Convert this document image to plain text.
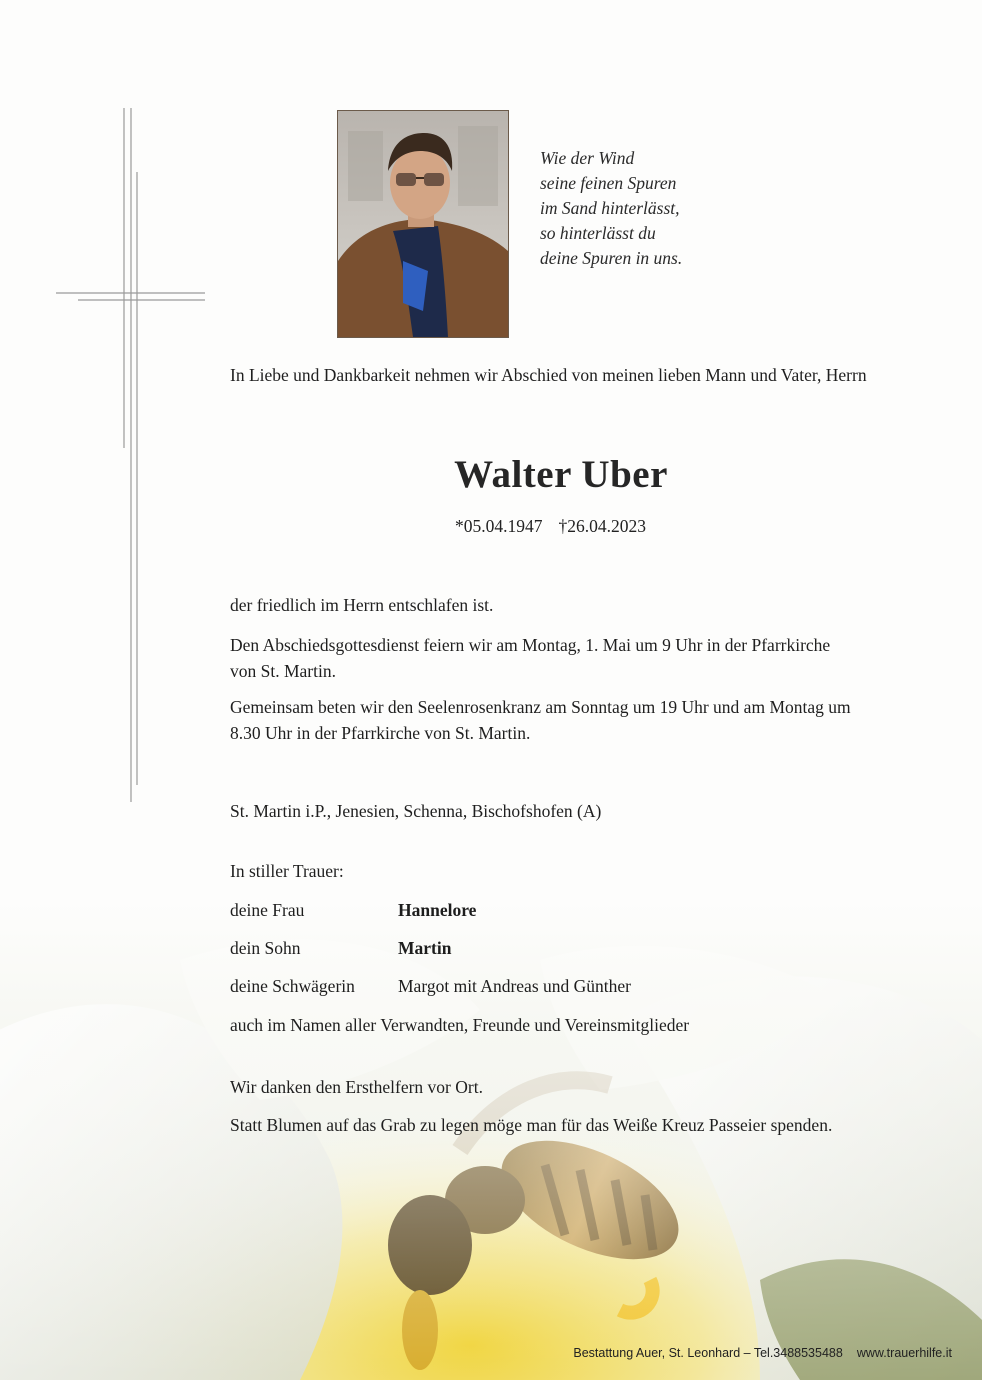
Wie der Wind
seine feinen Spuren
im Sand hinterlässt,
so hinterlässt du
deine Spuren in uns.
In Liebe und Dankbarkeit nehmen wir Abschied von meinen lieben Mann und Vater, Herrn
Walter Uber
*05.04.1947 †26.04.2023
der friedlich im Herrn entschlafen ist.
Den Abschiedsgottesdienst feiern wir am Montag, 1. Mai um 9 Uhr in der Pfarrkirche von St. Martin.
Gemeinsam beten wir den Seelenrosenkranz am Sonntag um 19 Uhr und am Montag um 8.30 Uhr in der Pfarrkirche von St. Martin.
St. Martin i.P., Jenesien, Schenna, Bischofshofen (A)
In stiller Trauer:
deine Frau	Hannelore
dein Sohn	Martin
deine Schwägerin Margot mit Andreas und Günther
auch im Namen aller Verwandten, Freunde und Vereinsmitglieder
Wir danken den Ersthelfern vor Ort.
Statt Blumen auf das Grab zu legen möge man für das Weiße Kreuz Passeier spenden.
Bestattung Auer, St. Leonhard – Tel.3488535488 www.trauerhilfe.it
